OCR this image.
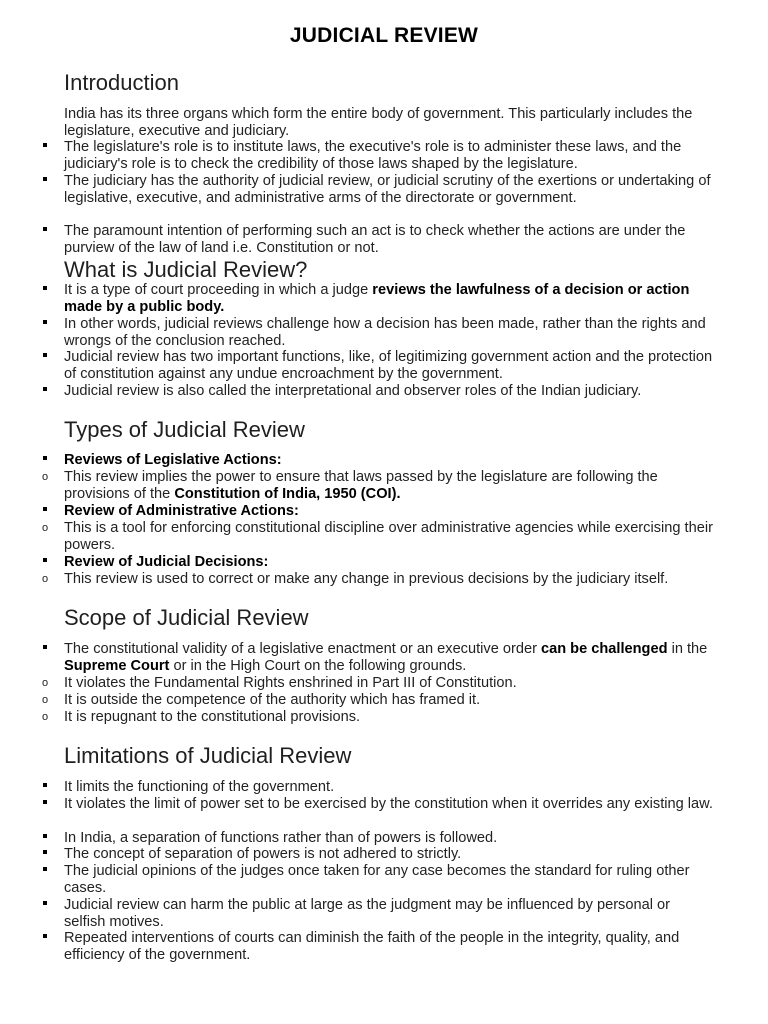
JUDICIAL REVIEW
Introduction
India has its three organs which form the entire body of government. This particularly includes the legislature, executive and judiciary.
The legislature's role is to institute laws, the executive's role is to administer these laws, and the judiciary's role is to check the credibility of those laws shaped by the legislature.
The judiciary has the authority of judicial review, or judicial scrutiny of the exertions or undertaking of legislative, executive, and administrative arms of the directorate or government.
The paramount intention of performing such an act is to check whether the actions are under the purview of the law of land i.e. Constitution or not.
What is Judicial Review?
It is a type of court proceeding in which a judge reviews the lawfulness of a decision or action made by a public body.
In other words, judicial reviews challenge how a decision has been made, rather than the rights and wrongs of the conclusion reached.
Judicial review has two important functions, like, of legitimizing government action and the protection of constitution against any undue encroachment by the government.
Judicial review is also called the interpretational and observer roles of the Indian judiciary.
Types of Judicial Review
Reviews of Legislative Actions:
o This review implies the power to ensure that laws passed by the legislature are following the provisions of the Constitution of India, 1950 (COI).
Review of Administrative Actions:
o This is a tool for enforcing constitutional discipline over administrative agencies while exercising their powers.
Review of Judicial Decisions:
o This review is used to correct or make any change in previous decisions by the judiciary itself.
Scope of Judicial Review
The constitutional validity of a legislative enactment or an executive order can be challenged in the Supreme Court or in the High Court on the following grounds.
o It violates the Fundamental Rights enshrined in Part III of Constitution.
o It is outside the competence of the authority which has framed it.
o It is repugnant to the constitutional provisions.
Limitations of Judicial Review
It limits the functioning of the government.
It violates the limit of power set to be exercised by the constitution when it overrides any existing law.
In India, a separation of functions rather than of powers is followed.
The concept of separation of powers is not adhered to strictly.
The judicial opinions of the judges once taken for any case becomes the standard for ruling other cases.
Judicial review can harm the public at large as the judgment may be influenced by personal or selfish motives.
Repeated interventions of courts can diminish the faith of the people in the integrity, quality, and efficiency of the government.
